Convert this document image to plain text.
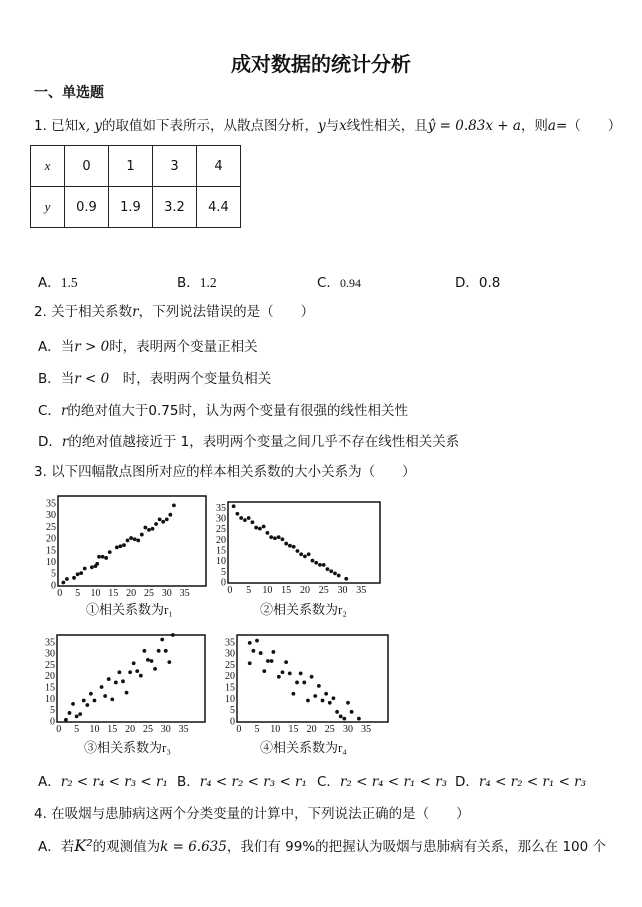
成对数据的统计分析
一、单选题
1. 已知x, y的取值如下表所示，从散点图分析，y与x线性相关，且ŷ = 0.83x + a，则a=（　　）
x	0	1	3	4
y	0.9	1.9	3.2	4.4
A．1.5	B．1.2	C．0.94	D．0.8
2. 关于相关系数r，下列说法错误的是（　　）
A．当r > 0时，表明两个变量正相关
B．当r < 0　时，表明两个变量负相关
C．r的绝对值大于0.75时，认为两个变量有很强的线性相关性
D．r的绝对值越接近于 1，表明两个变量之间几乎不存在线性相关关系
3. 以下四幅散点图所对应的样本相关系数的大小关系为（　　）
0 5 10 15 20 25 30 35
0
5
10
15
20
25
30
35
0 5 10 15 20 25 30 35
0
5
10
15
20
25
30
35
0 5 10 15 20 25 30 35
0
5
10
15
20
25
30
35
0 5 10 15 20 25 30 35
0
5
10
15
20
25
30
35
①相关系数为r₁	②相关系数为r₂
③相关系数为r₃	④相关系数为r₄
A．r₂ < r₄ < r₃ < r₁ B．r₄ < r₂ < r₃ < r₁ C．r₂ < r₄ < r₁ < r₃ D．r₄ < r₂ < r₁ < r₃
4. 在吸烟与患肺病这两个分类变量的计算中，下列说法正确的是（　　）
A．若K²的观测值为k = 6.635，我们有 99%的把握认为吸烟与患肺病有关系，那么在 100 个
